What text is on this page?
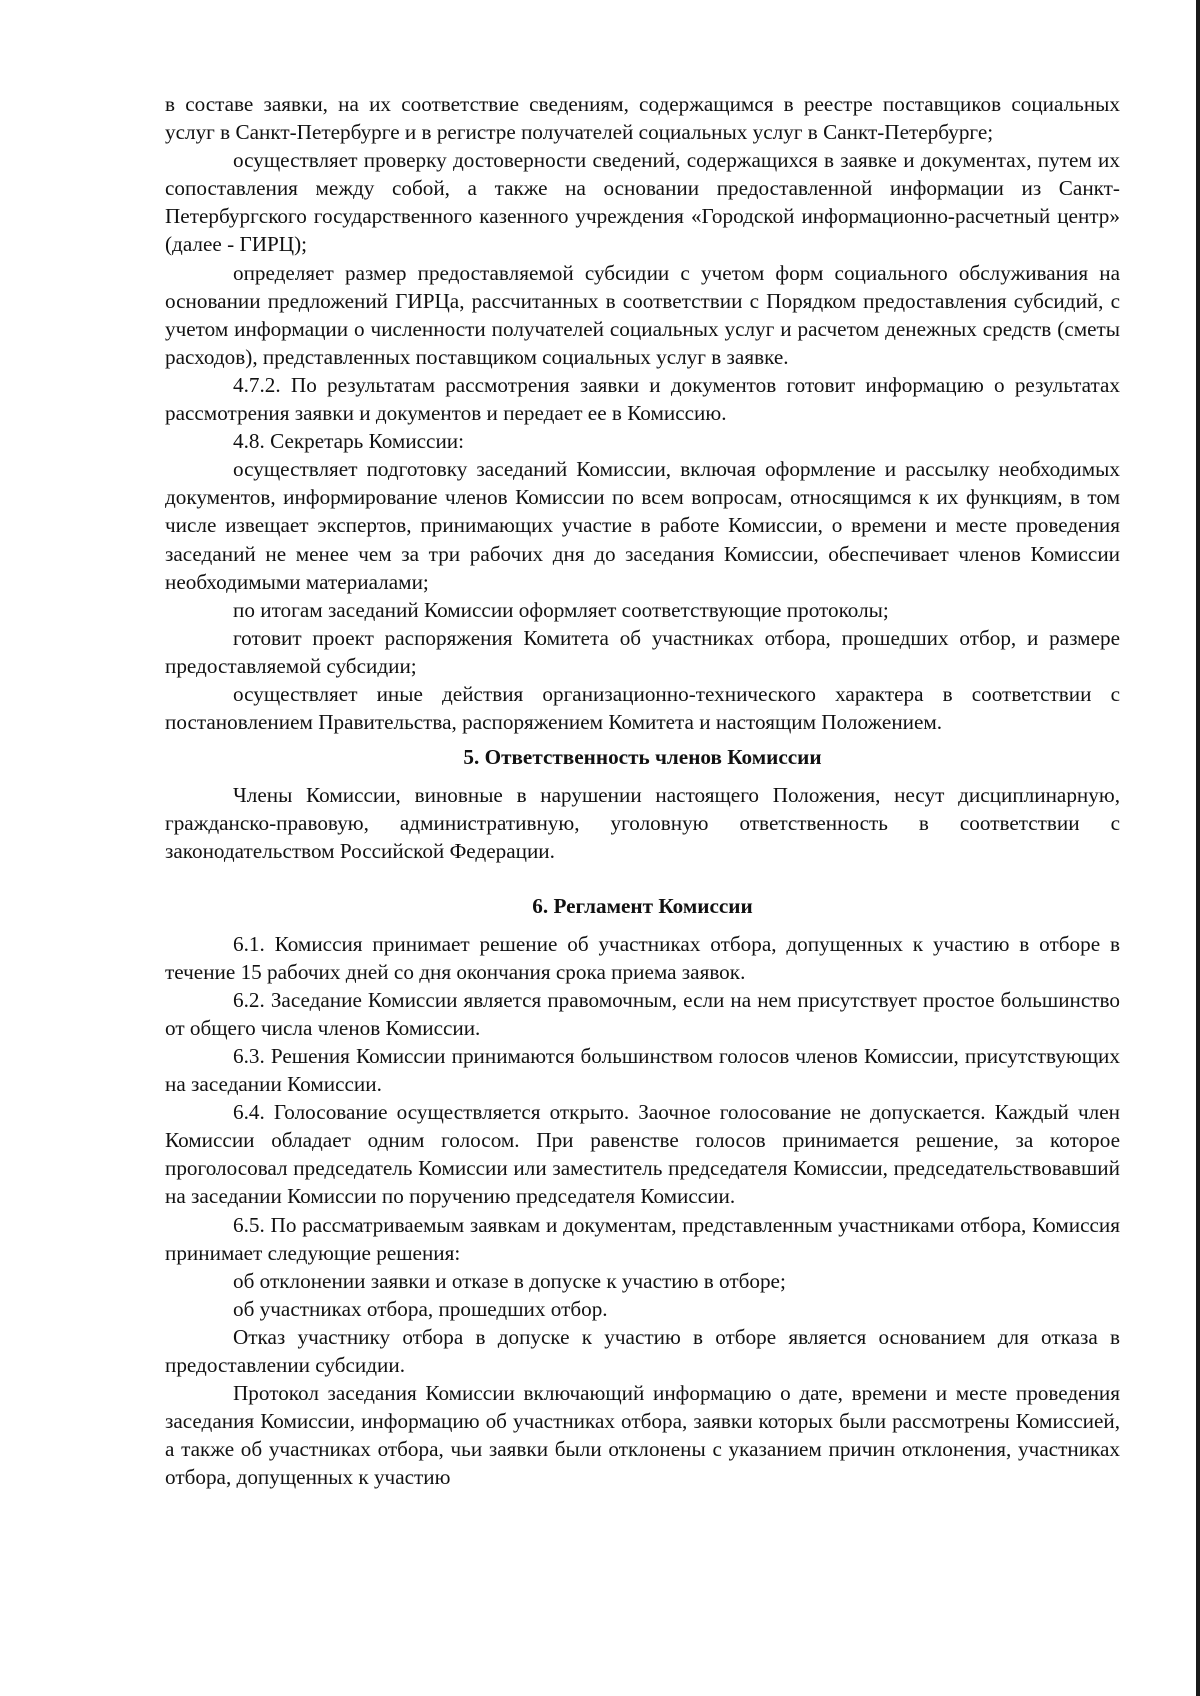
в составе заявки, на их соответствие сведениям, содержащимся в реестре поставщиков социальных услуг в Санкт-Петербурге и в регистре получателей социальных услуг в Санкт-Петербурге;

осуществляет проверку достоверности сведений, содержащихся в заявке и документах, путем их сопоставления между собой, а также на основании предоставленной информации из Санкт-Петербургского государственного казенного учреждения «Городской информационно-расчетный центр» (далее - ГИРЦ);

определяет размер предоставляемой субсидии с учетом форм социального обслуживания на основании предложений ГИРЦа, рассчитанных в соответствии с Порядком предоставления субсидий, с учетом информации о численности получателей социальных услуг и расчетом денежных средств (сметы расходов), представленных поставщиком социальных услуг в заявке.

4.7.2. По результатам рассмотрения заявки и документов готовит информацию о результатах рассмотрения заявки и документов и передает ее в Комиссию.

4.8. Секретарь Комиссии:

осуществляет подготовку заседаний Комиссии, включая оформление и рассылку необходимых документов, информирование членов Комиссии по всем вопросам, относящимся к их функциям, в том числе извещает экспертов, принимающих участие в работе Комиссии, о времени и месте проведения заседаний не менее чем за три рабочих дня до заседания Комиссии, обеспечивает членов Комиссии необходимыми материалами;

по итогам заседаний Комиссии оформляет соответствующие протоколы;

готовит проект распоряжения Комитета об участниках отбора, прошедших отбор, и размере предоставляемой субсидии;

осуществляет иные действия организационно-технического характера в соответствии с постановлением Правительства, распоряжением Комитета и настоящим Положением.

5. Ответственность членов Комиссии

Члены Комиссии, виновные в нарушении настоящего Положения, несут дисциплинарную, гражданско-правовую, административную, уголовную ответственность в соответствии с законодательством Российской Федерации.

6. Регламент Комиссии

6.1. Комиссия принимает решение об участниках отбора, допущенных к участию в отборе в течение 15 рабочих дней со дня окончания срока приема заявок.

6.2. Заседание Комиссии является правомочным, если на нем присутствует простое большинство от общего числа членов Комиссии.

6.3. Решения Комиссии принимаются большинством голосов членов Комиссии, присутствующих на заседании Комиссии.

6.4. Голосование осуществляется открыто. Заочное голосование не допускается. Каждый член Комиссии обладает одним голосом. При равенстве голосов принимается решение, за которое проголосовал председатель Комиссии или заместитель председателя Комиссии, председательствовавший на заседании Комиссии по поручению председателя Комиссии.

6.5. По рассматриваемым заявкам и документам, представленным участниками отбора, Комиссия принимает следующие решения:

об отклонении заявки и отказе в допуске к участию в отборе;

об участниках отбора, прошедших отбор.

Отказ участнику отбора в допуске к участию в отборе является основанием для отказа в предоставлении субсидии.

Протокол заседания Комиссии включающий информацию о дате, времени и месте проведения заседания Комиссии, информацию об участниках отбора, заявки которых были рассмотрены Комиссией, а также об участниках отбора, чьи заявки были отклонены с указанием причин отклонения, участниках отбора, допущенных к участию
